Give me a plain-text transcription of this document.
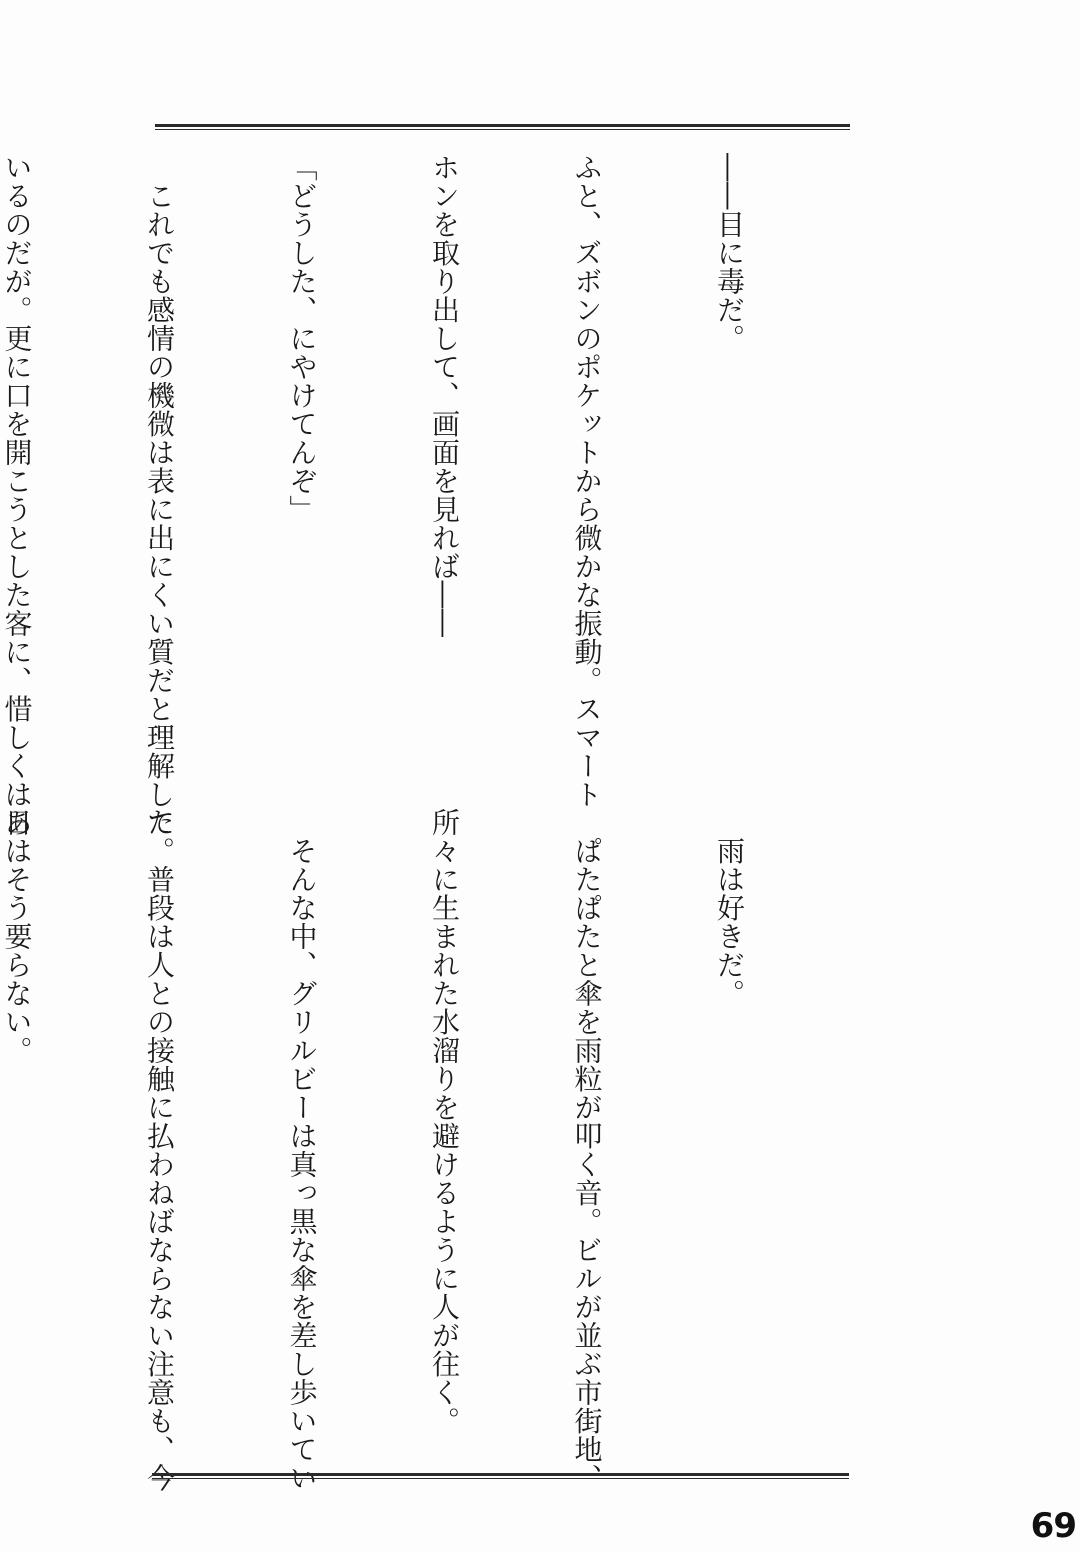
――目に毒だ。

ふと、ズボンのポケットから微かな振動。スマート

ホンを取り出して、画面を見れば――

「どうした、にやけてんぞ」

　これでも感情の機微は表に出にくい質だと理解して

いるのだが。更に口を開こうとした客に、惜しくはあ

　雨は好きだ。

　ぱたぱたと傘を雨粒が叩く音。ビルが並ぶ市街地、

所々に生まれた水溜りを避けるように人が往く。

　そんな中、グリルビーは真っ黒な傘を差し歩いてい

た。普段は人との接触に払わねばならない注意も、今

日はそう要らない。

69
